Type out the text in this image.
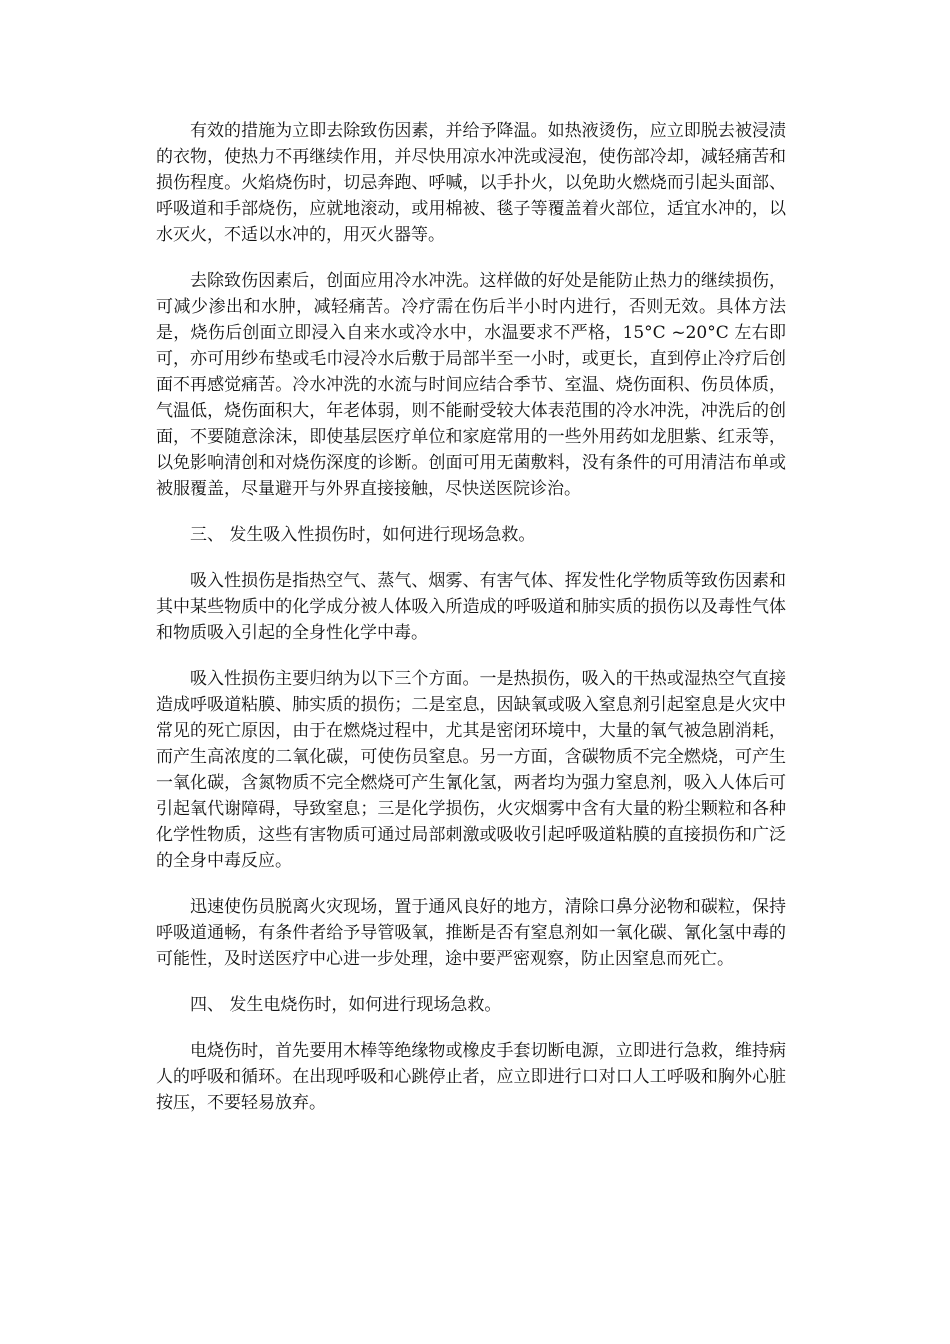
有效的措施为立即去除致伤因素，并给予降温。如热液烫伤，应立即脱去被浸渍的衣物，使热力不再继续作用，并尽快用凉水冲洗或浸泡，使伤部冷却，减轻痛苦和损伤程度。火焰烧伤时，切忌奔跑、呼喊，以手扑火，以免助火燃烧而引起头面部、呼吸道和手部烧伤，应就地滚动，或用棉被、毯子等覆盖着火部位，适宜水冲的，以水灭火，不适以水冲的，用灭火器等。

去除致伤因素后，创面应用冷水冲洗。这样做的好处是能防止热力的继续损伤，可减少渗出和水肿，减轻痛苦。冷疗需在伤后半小时内进行，否则无效。具体方法是，烧伤后创面立即浸入自来水或冷水中，水温要求不严格，15°C ~20°C 左右即可，亦可用纱布垫或毛巾浸冷水后敷于局部半至一小时，或更长，直到停止冷疗后创面不再感觉痛苦。冷水冲洗的水流与时间应结合季节、室温、烧伤面积、伤员体质，气温低，烧伤面积大，年老体弱，则不能耐受较大体表范围的冷水冲洗，冲洗后的创面，不要随意涂沫，即使基层医疗单位和家庭常用的一些外用药如龙胆紫、红汞等，以免影响清创和对烧伤深度的诊断。创面可用无菌敷料，没有条件的可用清洁布单或被服覆盖，尽量避开与外界直接接触，尽快送医院诊治。

三、 发生吸入性损伤时，如何进行现场急救。

吸入性损伤是指热空气、蒸气、烟雾、有害气体、挥发性化学物质等致伤因素和其中某些物质中的化学成分被人体吸入所造成的呼吸道和肺实质的损伤以及毒性气体和物质吸入引起的全身性化学中毒。

吸入性损伤主要归纳为以下三个方面。一是热损伤，吸入的干热或湿热空气直接造成呼吸道粘膜、肺实质的损伤；二是室息，因缺氧或吸入窒息剂引起窒息是火灾中常见的死亡原因，由于在燃烧过程中，尤其是密闭环境中，大量的氧气被急剧消耗，而产生高浓度的二氧化碳，可使伤员窒息。另一方面，含碳物质不完全燃烧，可产生一氧化碳，含氮物质不完全燃烧可产生氰化氢，两者均为强力窒息剂，吸入人体后可引起氧代谢障碍，导致窒息；三是化学损伤，火灾烟雾中含有大量的粉尘颗粒和各种化学性物质，这些有害物质可通过局部刺激或吸收引起呼吸道粘膜的直接损伤和广泛的全身中毒反应。

迅速使伤员脱离火灾现场，置于通风良好的地方，清除口鼻分泌物和碳粒，保持呼吸道通畅，有条件者给予导管吸氧，推断是否有窒息剂如一氧化碳、氰化氢中毒的可能性，及时送医疗中心进一步处理，途中要严密观察，防止因窒息而死亡。

四、 发生电烧伤时，如何进行现场急救。

电烧伤时，首先要用木棒等绝缘物或橡皮手套切断电源，立即进行急救，维持病人的呼吸和循环。在出现呼吸和心跳停止者，应立即进行口对口人工呼吸和胸外心脏按压，不要轻易放弃。
